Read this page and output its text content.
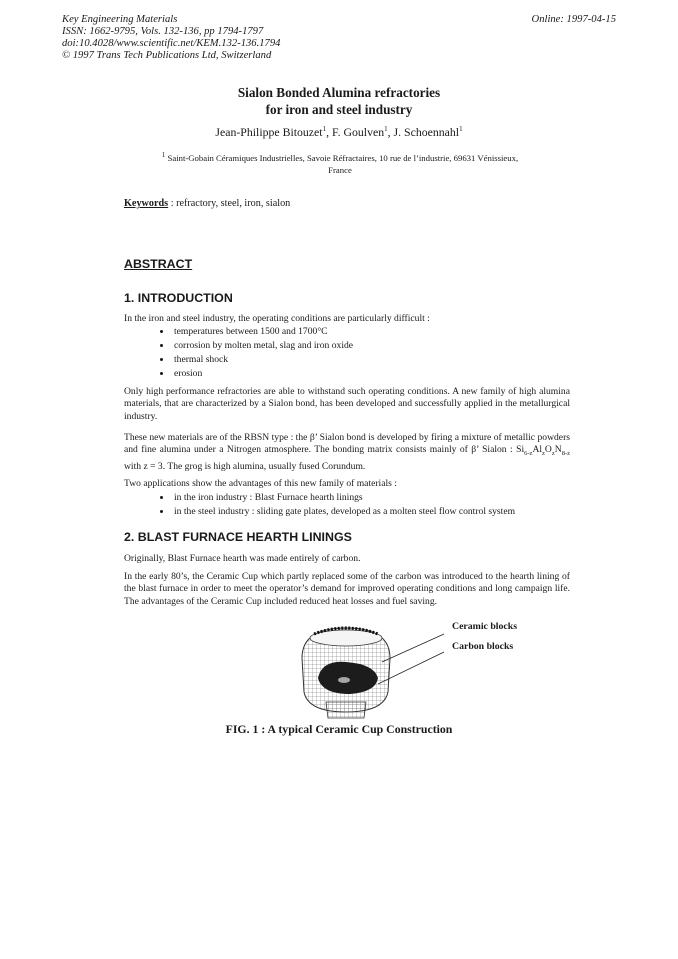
Key Engineering Materials
ISSN: 1662-9795, Vols. 132-136, pp 1794-1797
doi:10.4028/www.scientific.net/KEM.132-136.1794
© 1997 Trans Tech Publications Ltd, Switzerland
Online: 1997-04-15
Sialon Bonded Alumina refractories
for iron and steel industry
Jean-Philippe Bitouzet$^1$, F. Goulven$^1$, J. Schoennahl$^1$
$^1$ Saint-Gobain Céramiques Industrielles, Savoie Réfractaires, 10 rue de l’industrie, 69631 Vénissieux,
France
Keywords : refractory, steel, iron, sialon
ABSTRACT
1. INTRODUCTION
In the iron and steel industry, the operating conditions are particularly difficult :
• temperatures between 1500 and 1700°C
• corrosion by molten metal, slag and iron oxide
• thermal shock
• erosion
Only high performance refractories are able to withstand such operating conditions. A new family of high alumina materials, that are characterized by a Sialon bond, has been developed and successfully applied in the metallurgical industry.
These new materials are of the RBSN type : the β’ Sialon bond is developed by firing a mixture of metallic powders and fine alumina under a Nitrogen atmosphere. The bonding matrix consists mainly of β’ Sialon : $Si_{6-z}Al_zO_zN_{8-z}$ with z = 3. The grog is high alumina, usually fused Corundum.
Two applications show the advantages of this new family of materials :
• in the iron industry : Blast Furnace hearth linings
• in the steel industry : sliding gate plates, developed as a molten steel flow control system
2. BLAST FURNACE HEARTH LININGS
Originally, Blast Furnace hearth was made entirely of carbon.
In the early 80’s, the Ceramic Cup which partly replaced some of the carbon was introduced to the hearth lining of the blast furnace in order to meet the operator’s demand for improved operating conditions and long campaign life. The advantages of the Ceramic Cup included reduced heat losses and fuel saving.
Ceramic blocks
Carbon blocks
FIG. 1 : A typical Ceramic Cup Construction
